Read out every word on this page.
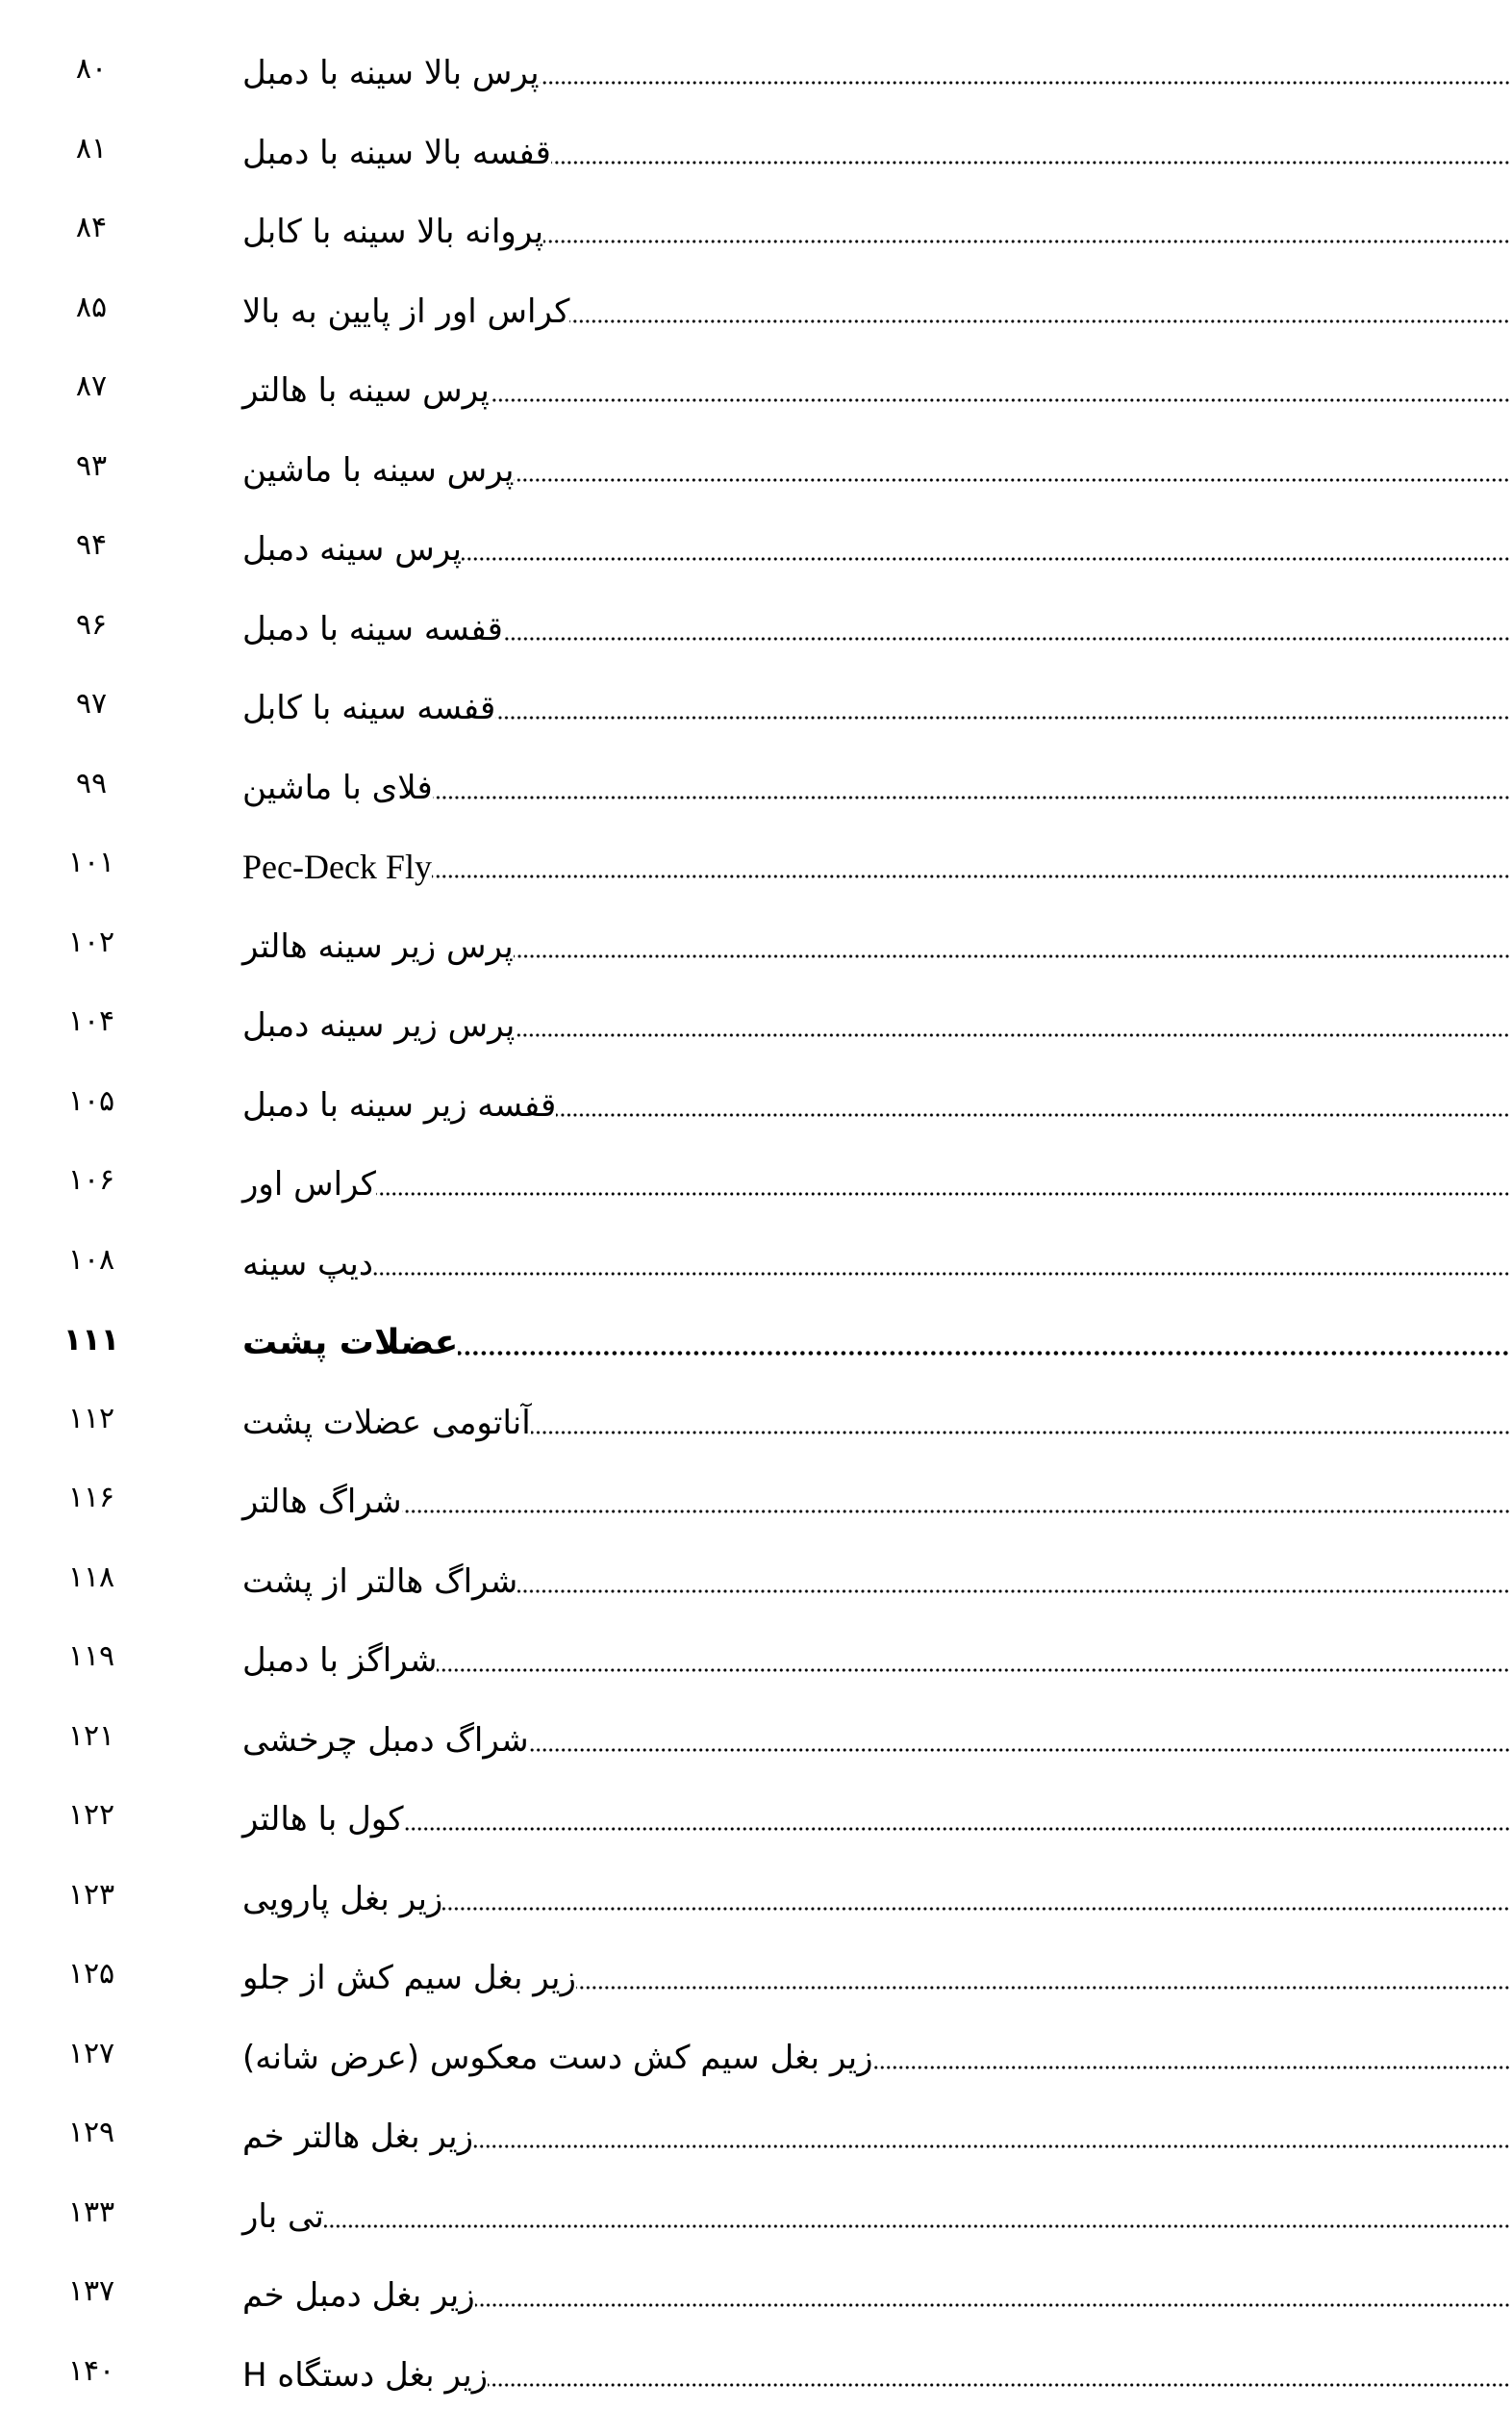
پرس بالا سینه با دمبل
۸۰
قفسه بالا سینه با دمبل
۸۱
پروانه بالا سینه با کابل
۸۴
کراس اور از پایین به بالا
۸۵
پرس سینه با هالتر
۸۷
پرس سینه با ماشین
۹۳
پرس سینه دمبل
۹۴
قفسه سینه با دمبل
۹۶
قفسه سینه با کابل
۹۷
فلای با ماشین
۹۹
Pec-Deck Fly
۱۰۱
پرس زیر سینه هالتر
۱۰۲
پرس زیر سینه دمبل
۱۰۴
قفسه زیر سینه با دمبل
۱۰۵
کراس اور
۱۰۶
دیپ سینه
۱۰۸
عضلات پشت
۱۱۱
آناتومی عضلات پشت
۱۱۲
شراگ هالتر
۱۱۶
شراگ هالتر از پشت
۱۱۸
شراگز با دمبل
۱۱۹
شراگ دمبل چرخشی
۱۲۱
کول با هالتر
۱۲۲
زیر بغل پارویی
۱۲۳
زیر بغل سیم کش از جلو
۱۲۵
زیر بغل سیم کش دست معکوس (عرض شانه)
۱۲۷
زیر بغل هالتر خم
۱۲۹
تی بار
۱۳۳
زیر بغل دمبل خم
۱۳۷
زیر بغل دستگاه H
۱۴۰
